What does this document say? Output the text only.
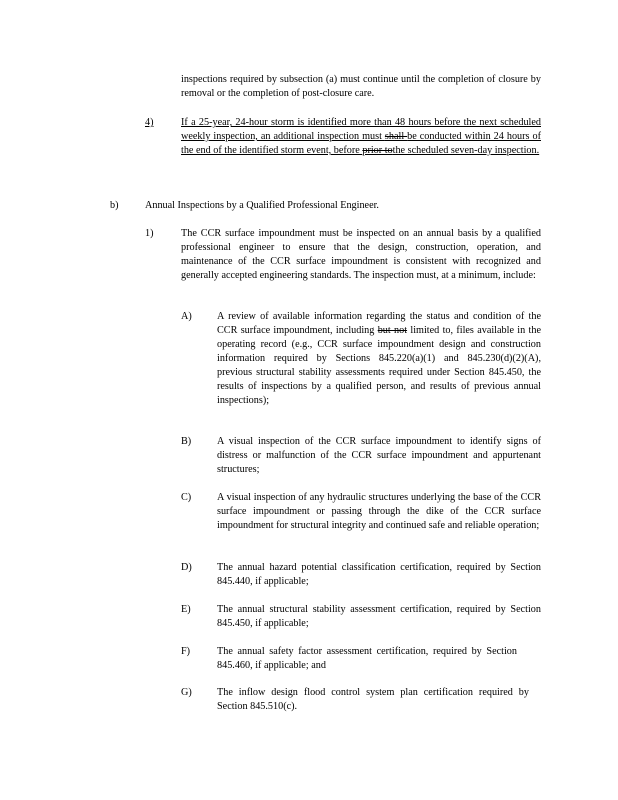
inspections required by subsection (a) must continue until the completion of closure by removal or the completion of post-closure care.
4)	If a 25-year, 24-hour storm is identified more than 48 hours before the next scheduled weekly inspection, an additional inspection must shall be conducted within 24 hours of the end of the identified storm event, before prior tothe scheduled seven-day inspection.
b)	Annual Inspections by a Qualified Professional Engineer.
1)	The CCR surface impoundment must be inspected on an annual basis by a qualified professional engineer to ensure that the design, construction, operation, and maintenance of the CCR surface impoundment is consistent with recognized and generally accepted engineering standards. The inspection must, at a minimum, include:
A) A review of available information regarding the status and condition of the CCR surface impoundment, including but not limited to, files available in the operating record (e.g., CCR surface impoundment design and construction information required by Sections 845.220(a)(1) and 845.230(d)(2)(A), previous structural stability assessments required under Section 845.450, the results of inspections by a qualified person, and results of previous annual inspections);
B)	A visual inspection of the CCR surface impoundment to identify signs of distress or malfunction of the CCR surface impoundment and appurtenant structures;
C)	A visual inspection of any hydraulic structures underlying the base of the CCR surface impoundment or passing through the dike of the CCR surface impoundment for structural integrity and continued safe and reliable operation;
D) The annual hazard potential classification certification, required by Section 845.440, if applicable;
E)	The annual structural stability assessment certification, required by Section 845.450, if applicable;
F)	The annual safety factor assessment certification, required by Section 845.460, if applicable; and
G) The inflow design flood control system plan certification required by Section 845.510(c).
